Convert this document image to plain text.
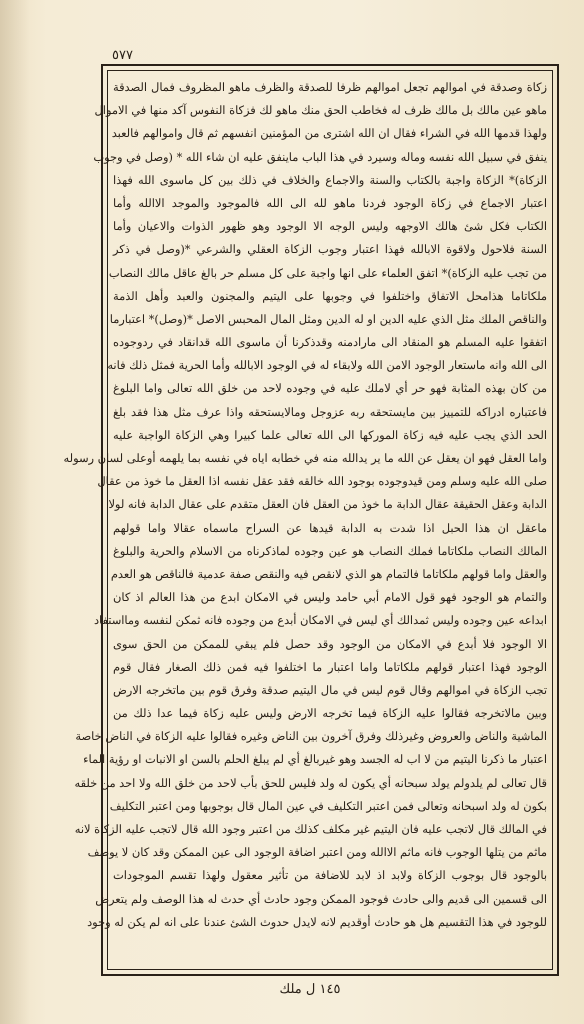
٥٧٧
زكاة وصدقة في اموالهم تجعل اموالهم ظرفا للصدقة والظرف ماهو المظروف فمال الصدقة
ماهو عين مالك بل مالك ظرف له فخاطب الحق منك ماهو لك فزكاة النفوس آكد منها في الاموال
ولهذا قدمها الله في الشراء فقال ان الله اشترى من المؤمنين انفسهم ثم قال واموالهم فالعبد
ينفق في سبيل الله نفسه وماله وسيرد في هذا الباب ماينفق عليه ان شاء الله * (وصل في وجوب
الزكاة)* الزكاة واجبة بالكتاب والسنة والاجماع والخلاف في ذلك بين كل ماسوى الله فهذا
اعتبار الاجماع في زكاة الوجود فردنا ماهو لله الى الله فالموجود والموجد الاالله وأما
الكتاب فكل شئ هالك الاوجهه وليس الوجه الا الوجود وهو ظهور الذوات والاعيان وأما
السنة فلاحول ولاقوة الابالله فهذا اعتبار وجوب الزكاة العقلي والشرعي *(وصل في ذكر
من تجب عليه الزكاة)* اتفق العلماء على انها واجبة على كل مسلم حر بالغ عاقل مالك النصاب
ملكاتاما هذامحل الاتفاق واختلفوا في وجوبها على اليتيم والمجنون والعبد وأهل الذمة
والناقص الملك مثل الذي عليه الدين او له الدين ومثل المال المحبس الاصل *(وصل)* اعتبارما
اتفقوا عليه المسلم هو المنقاد الى مارادمنه وقدذكرنا أن ماسوى الله قدانقاد في ردوجوده
الى الله وانه ماستعار الوجود الامن الله ولابقاء له في الوجود الابالله وأما الحرية فمثل ذلك فانه
من كان بهذه المثابة فهو حر أي لاملك عليه في وجوده لاحد من خلق الله تعالى واما البلوغ
فاعتباره ادراكه للتمييز بين مايستحقه ربه عزوجل ومالايستحقه واذا عرف مثل هذا فقد بلغ
الحد الذي يجب عليه فيه زكاة الموركها الى الله تعالى علما كبيرا وهي الزكاة الواجبة عليه
واما العقل فهو ان يعقل عن الله ما ير يدالله منه في خطابه اياه في نفسه بما يلهمه أوعلى لسان رسوله
صلى الله عليه وسلم ومن قيدوجوده بوجود الله خالقه فقد عقل نفسه اذا العقل ما خوذ من عقال
الدابة وعقل الحقيقة عقال الدابة ما خوذ من العقل فان العقل متقدم على عقال الدابة فانه لولا
ماعقل ان هذا الحبل اذا شدت به الدابة قيدها عن السراح ماسماه عقالا واما قولهم
المالك النصاب ملكاتاما فملك النصاب هو عين وجوده لماذكرناه من الاسلام والحرية والبلوغ
والعقل واما قولهم ملكاتاما فالتمام هو الذي لانقص فيه والنقص صفة عدمية فالناقص هو العدم
والتمام هو الوجود فهو قول الامام أبي حامد وليس في الامكان ابدع من هذا العالم اذ كان
ابداعه عين وجوده وليس ثمدالك أي ليس في الامكان أبدع من وجوده فانه ثمكن لنفسه ومااستفاد
الا الوجود فلا أبدع في الامكان من الوجود وقد حصل فلم يبقي للممكن من الحق سوى
الوجود فهذا اعتبار قولهم ملكاتاما واما اعتبار ما اختلفوا فيه فمن ذلك الصغار فقال قوم
تجب الزكاة في اموالهم وقال قوم ليس في مال اليتيم صدقة وفرق قوم بين ماتخرجه الارض
وبين مالاتخرجه فقالوا عليه الزكاة فيما تخرجه الارض وليس عليه زكاة فيما عدا ذلك من
الماشية والناض والعروض وغيرذلك وفرق آخرون بين الناض وغيره فقالوا عليه الزكاة في الناض خاصة
اعتبار ما ذكرنا اليتيم من لا اب له الجسد وهو غيربالغ أي لم يبلغ الحلم بالسن او الانبات او رؤية الماء
قال تعالى لم يلدولم يولد سبحانه أي يكون له ولد فليس للحق بأب لاحد من خلق الله ولا احد من خلقه
بكون له ولد اسبحانه وتعالى فمن اعتبر التكليف في عين المال قال بوجوبها ومن اعتبر التكليف
في المالك قال لاتجب عليه فان اليتيم غير مكلف كذلك من اعتبر وجود الله قال لاتجب عليه الزكاة لانه
ماثم من يتلها الوجوب فانه ماثم الاالله ومن اعتبر اضافة الوجود الى عين الممكن وقد كان لا يوصف
بالوجود قال بوجوب الزكاة ولابد اذ لابد للاضافة من تأثير معقول ولهذا تقسم الموجودات
الى قسمين الى قديم والى حادث فوجود الممكن وجود حادث أي حدث له هذا الوصف ولم يتعرض
للوجود في هذا التقسيم هل هو حادث أوقديم لانه لايدل حدوث الشئ عندنا على انه لم يكن له وجود
١٤٥ ل ملك
